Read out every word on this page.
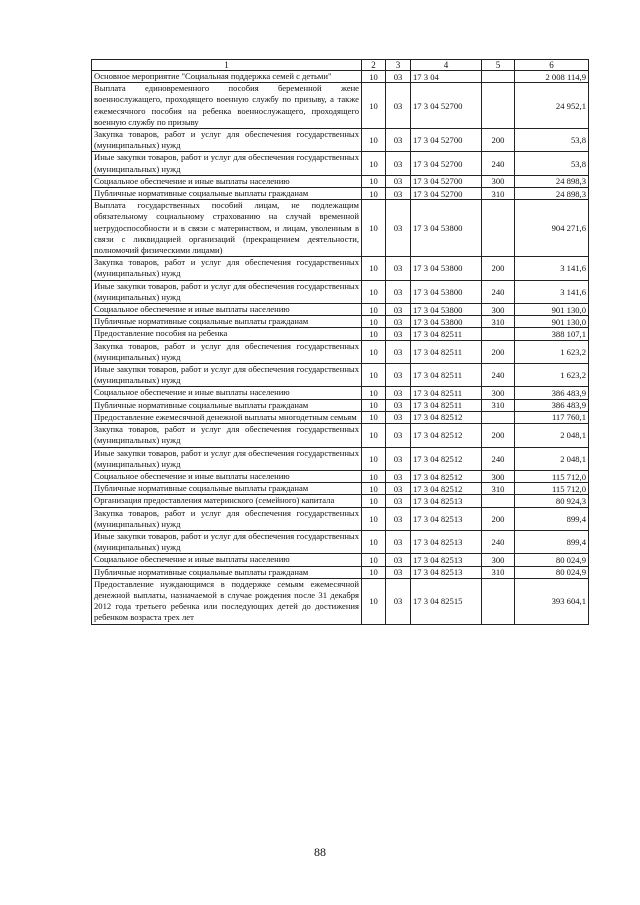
1	2	3	4	5	6
Основное мероприятие "Социальная поддержка семей с детьми"	10	03	17 3 04		2 008 114,9
Выплата единовременного пособия беременной жене военнослужащего, проходящего военную службу по призыву, а также ежемесячного пособия на ребенка военнослужащего, проходящего военную службу по призыву	10	03	17 3 04 52700		24 952,1
Закупка товаров, работ и услуг для обеспечения государственных (муниципальных) нужд	10	03	17 3 04 52700	200	53,8
Иные закупки товаров, работ и услуг для обеспечения государственных (муниципальных) нужд	10	03	17 3 04 52700	240	53,8
Социальное обеспечение и иные выплаты населению	10	03	17 3 04 52700	300	24 898,3
Публичные нормативные социальные выплаты гражданам	10	03	17 3 04 52700	310	24 898,3
Выплата государственных пособий лицам, не подлежащим обязательному социальному страхованию на случай временной нетрудоспособности и в связи с материнством, и лицам, уволенным в связи с ликвидацией организаций (прекращением деятельности, полномочий физическими лицами)	10	03	17 3 04 53800		904 271,6
Закупка товаров, работ и услуг для обеспечения государственных (муниципальных) нужд	10	03	17 3 04 53800	200	3 141,6
Иные закупки товаров, работ и услуг для обеспечения государственных (муниципальных) нужд	10	03	17 3 04 53800	240	3 141,6
Социальное обеспечение и иные выплаты населению	10	03	17 3 04 53800	300	901 130,0
Публичные нормативные социальные выплаты гражданам	10	03	17 3 04 53800	310	901 130,0
Предоставление пособия на ребенка	10	03	17 3 04 82511		388 107,1
Закупка товаров, работ и услуг для обеспечения государственных (муниципальных) нужд	10	03	17 3 04 82511	200	1 623,2
Иные закупки товаров, работ и услуг для обеспечения государственных (муниципальных) нужд	10	03	17 3 04 82511	240	1 623,2
Социальное обеспечение и иные выплаты населению	10	03	17 3 04 82511	300	386 483,9
Публичные нормативные социальные выплаты гражданам	10	03	17 3 04 82511	310	386 483,9
Предоставление ежемесячной денежной выплаты многодетным семьям	10	03	17 3 04 82512		117 760,1
Закупка товаров, работ и услуг для обеспечения государственных (муниципальных) нужд	10	03	17 3 04 82512	200	2 048,1
Иные закупки товаров, работ и услуг для обеспечения государственных (муниципальных) нужд	10	03	17 3 04 82512	240	2 048,1
Социальное обеспечение и иные выплаты населению	10	03	17 3 04 82512	300	115 712,0
Публичные нормативные социальные выплаты гражданам	10	03	17 3 04 82512	310	115 712,0
Организация предоставления материнского (семейного) капитала	10	03	17 3 04 82513		80 924,3
Закупка товаров, работ и услуг для обеспечения государственных (муниципальных) нужд	10	03	17 3 04 82513	200	899,4
Иные закупки товаров, работ и услуг для обеспечения государственных (муниципальных) нужд	10	03	17 3 04 82513	240	899,4
Социальное обеспечение и иные выплаты населению	10	03	17 3 04 82513	300	80 024,9
Публичные нормативные социальные выплаты гражданам	10	03	17 3 04 82513	310	80 024,9
Предоставление нуждающимся в поддержке семьям ежемесячной денежной выплаты, назначаемой в случае рождения после 31 декабря 2012 года третьего ребенка или последующих детей до достижения ребенком возраста трех лет	10	03	17 3 04 82515		393 604,1
88
